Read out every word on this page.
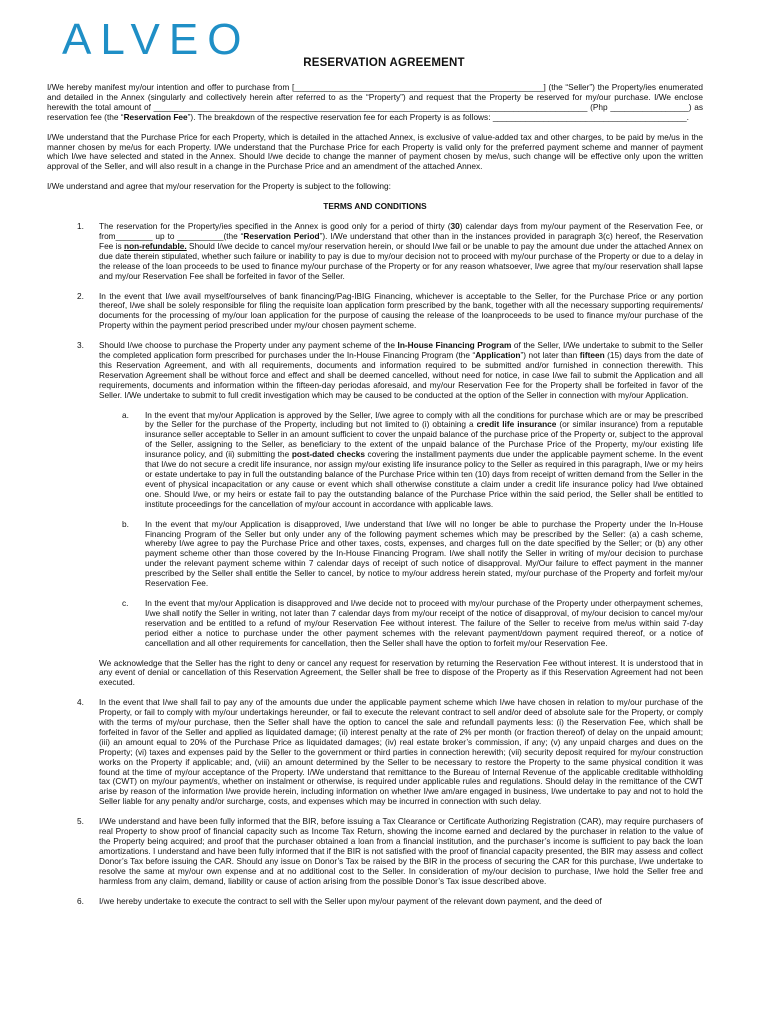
ALVEO	RESERVATION AGREEMENT

I/We hereby manifest my/our intention and offer to purchase from [______________________________________________________] (the “Seller”) the Property/ies enumerated and detailed in the Annex (singularly and collectively herein after referred to as the “Property”) and request that the Property be reserved for my/our purchase. I/We enclose herewith the total amount of ______________________________________________________________________________________________ (Php _________________) as reservation fee (the “Reservation Fee”). The breakdown of the respective reservation fee for each Property is as follows: __________________________________________.

I/We understand that the Purchase Price for each Property, which is detailed in the attached Annex, is exclusive of value-added tax and other charges, to be paid by me/us in the manner chosen by me/us for each Property. I/We understand that the Purchase Price for each Property is valid only for the preferred payment scheme and manner of payment which I/we have selected and stated in the Annex. Should I/we decide to change the manner of payment chosen by me/us, such change will be effective only upon the written approval of the Seller, and will also result in a change in the Purchase Price and an amendment of the attached Annex.

I/We understand and agree that my/our reservation for the Property is subject to the following:

TERMS AND CONDITIONS

1. The reservation for the Property/ies specified in the Annex is good only for a period of thirty (30) calendar days from my/our payment of the Reservation Fee, or from________ up to __________(the “Reservation Period”). I/We understand that other than in the instances provided in paragraph 3(c) hereof, the Reservation Fee is non-refundable. Should I/we decide to cancel my/our reservation herein, or should I/we fail or be unable to pay the amount due under the attached Annex on due date therein stipulated, whether such failure or inability to pay is due to my/our decision not to proceed with my/our purchase of the Property or due to a delay in the release of the loan proceeds to be used to finance my/our purchase of the Property or for any reason whatsoever, I/we agree that my/our reservation shall lapse and my/our Reservation Fee shall be forfeited in favor of the Seller.
2. In the event that I/we avail myself/ourselves of bank financing/Pag-IBIG Financing, whichever is acceptable to the Seller, for the Purchase Price or any portion thereof, I/we shall be solely responsible for filing the requisite loan application form prescribed by the bank, together with all the necessary supporting requirements/ documents for the processing of my/our loan application for the purpose of causing the release of the loanproceeds to be used to finance my/our purchase of the Property within the payment period prescribed under my/our chosen payment scheme.
3. Should I/we choose to purchase the Property under any payment scheme of the In-House Financing Program of the Seller, I/We undertake to submit to the Seller the completed application form prescribed for purchases under the In-House Financing Program (the “Application”) not later than fifteen (15) days from the date of this Reservation Agreement, and with all requirements, documents and information required to be submitted and/or furnished in connection therewith. This Reservation Agreement shall be without force and effect and shall be deemed cancelled, without need for notice, in case I/we fail to submit the Application and all requirements, documents and information within the fifteen-day periodas aforesaid, and my/our Reservation Fee for the Property shall be forfeited in favor of the Seller. I/We undertake to submit to full credit investigation which may be caused to be conducted at the option of the Seller in connection with my/our Application.
a. In the event that my/our Application is approved by the Seller, I/we agree to comply with all the conditions for purchase which are or may be prescribed by the Seller for the purchase of the Property, including but not limited to (i) obtaining a credit life insurance (or similar insurance) from a reputable insurance seller acceptable to Seller in an amount sufficient to cover the unpaid balance of the purchase price of the Property or, subject to the approval of the Seller, assigning to the Seller, as beneficiary to the extent of the unpaid balance of the Purchase Price of the Property, my/our existing life insurance policy, and (ii) submitting the post-dated checks covering the installment payments due under the applicable payment scheme. In the event that I/we do not secure a credit life insurance, nor assign my/our existing life insurance policy to the Seller as required in this paragraph, I/we or my heirs or estate undertake to pay in full the outstanding balance of the Purchase Price within ten (10) days from receipt of written demand from the Seller in the event of physical incapacitation or any cause or event which shall otherwise constitute a claim under a credit life insurance policy had I/we obtained one. Should I/we, or my heirs or estate fail to pay the outstanding balance of the Purchase Price within the said period, the Seller shall be entitled to institute proceedings for the cancellation of my/our account in accordance with applicable laws.
b. In the event that my/our Application is disapproved, I/we understand that I/we will no longer be able to purchase the Property under the In-House Financing Program of the Seller but only under any of the following payment schemes which may be prescribed by the Seller: (a) a cash scheme, whereby I/we agree to pay the Purchase Price and other taxes, costs, expenses, and charges full on the date specified by the Seller; or (b) any other payment scheme other than those covered by the In-House Financing Program. I/we shall notify the Seller in writing of my/our decision to purchase under the relevant payment scheme within 7 calendar days of receipt of such notice of disapproval. My/Our failure to effect payment in the manner prescribed by the Seller shall entitle the Seller to cancel, by notice to my/our address herein stated, my/our purchase of the Property and forfeit my/our Reservation Fee.
c. In the event that my/our Application is disapproved and I/we decide not to proceed with my/our purchase of the Property under otherpayment schemes, I/we shall notify the Seller in writing, not later than 7 calendar days from my/our receipt of the notice of disapproval, of my/our decision to cancel my/our reservation and be entitled to a refund of my/our Reservation Fee without interest. The failure of the Seller to receive from me/us within said 7-day period either a notice to purchase under the other payment schemes with the relevant payment/down payment required thereof, or a notice of cancellation and all other requirements for cancellation, then the Seller shall have the option to forfeit my/our Reservation Fee.
We acknowledge that the Seller has the right to deny or cancel any request for reservation by returning the Reservation Fee without interest. It is understood that in any event of denial or cancellation of this Reservation Agreement, the Seller shall be free to dispose of the Property as if this Reservation Agreement had not been executed.
4. In the event that I/we shall fail to pay any of the amounts due under the applicable payment scheme which I/we have chosen in relation to my/our purchase of the Property, or fail to comply with my/our undertakings hereunder, or fail to execute the relevant contract to sell and/or deed of absolute sale for the Property, or comply with the terms of my/our purchase, then the Seller shall have the option to cancel the sale and refundall payments less: (i) the Reservation Fee, which shall be forfeited in favor of the Seller and applied as liquidated damage; (ii) interest penalty at the rate of 2% per month (or fraction thereof) of delay on the unpaid amount; (iii) an amount equal to 20% of the Purchase Price as liquidated damages; (iv) real estate broker’s commission, if any; (v) any unpaid charges and dues on the Property; (vi) taxes and expenses paid by the Seller to the government or third parties in connection herewith; (vii) security deposit required for my/our construction works on the Property if applicable; and, (viii) an amount determined by the Seller to be necessary to restore the Property to the same physical condition it was found at the time of my/our acceptance of the Property. I/We understand that remittance to the Bureau of Internal Revenue of the applicable creditable withholding tax (CWT) on my/our payment/s, whether on instalment or otherwise, is required under applicable rules and regulations. Should delay in the remittance of the CWT arise by reason of the information I/we provide herein, including information on whether I/we am/are engaged in business, I/we undertake to pay and not to hold the Seller liable for any penalty and/or surcharge, costs, and expenses which may be incurred in connection with such delay.
5. I/We understand and have been fully informed that the BIR, before issuing a Tax Clearance or Certificate Authorizing Registration (CAR), may require purchasers of real Property to show proof of financial capacity such as Income Tax Return, showing the income earned and declared by the purchaser in relation to the value of the Property being acquired; and proof that the purchaser obtained a loan from a financial institution, and the purchaser’s income is sufficient to pay back the loan amortizations. I understand and have been fully informed that if the BIR is not satisfied with the proof of financial capacity presented, the BIR may assess and collect Donor’s Tax before issuing the CAR. Should any issue on Donor’s Tax be raised by the BIR in the process of securing the CAR for this purchase, I/we undertake to resolve the same at my/our own expense and at no additional cost to the Seller. In consideration of my/our decision to purchase, I/we hold the Seller free and harmless from any claim, demand, liability or cause of action arising from the possible Donor’s Tax issue described above.
6. I/we hereby undertake to execute the contract to sell with the Seller upon my/our payment of the relevant down payment, and the deed of
